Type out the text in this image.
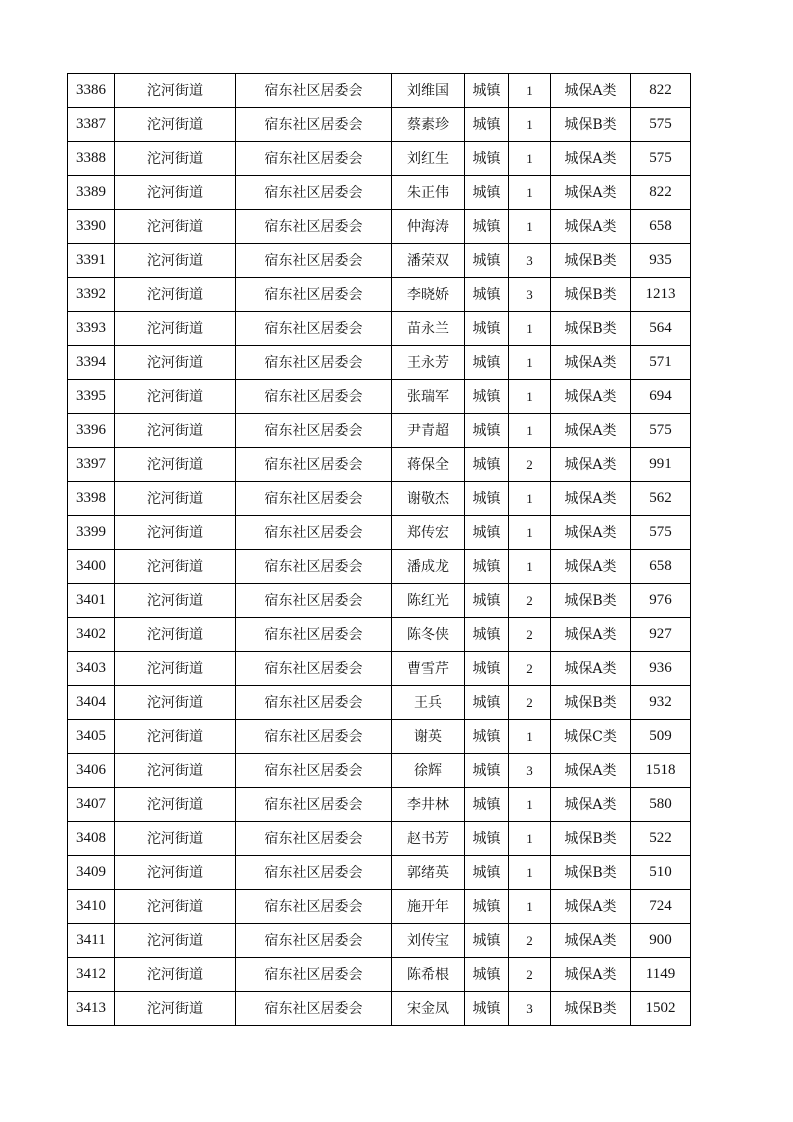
3386	沱河街道	宿东社区居委会	刘维国	城镇	1	城保A类	822
3387	沱河街道	宿东社区居委会	蔡素珍	城镇	1	城保B类	575
3388	沱河街道	宿东社区居委会	刘红生	城镇	1	城保A类	575
3389	沱河街道	宿东社区居委会	朱正伟	城镇	1	城保A类	822
3390	沱河街道	宿东社区居委会	仲海涛	城镇	1	城保A类	658
3391	沱河街道	宿东社区居委会	潘荣双	城镇	3	城保B类	935
3392	沱河街道	宿东社区居委会	李晓娇	城镇	3	城保B类	1213
3393	沱河街道	宿东社区居委会	苗永兰	城镇	1	城保B类	564
3394	沱河街道	宿东社区居委会	王永芳	城镇	1	城保A类	571
3395	沱河街道	宿东社区居委会	张瑞军	城镇	1	城保A类	694
3396	沱河街道	宿东社区居委会	尹青超	城镇	1	城保A类	575
3397	沱河街道	宿东社区居委会	蒋保全	城镇	2	城保A类	991
3398	沱河街道	宿东社区居委会	谢敬杰	城镇	1	城保A类	562
3399	沱河街道	宿东社区居委会	郑传宏	城镇	1	城保A类	575
3400	沱河街道	宿东社区居委会	潘成龙	城镇	1	城保A类	658
3401	沱河街道	宿东社区居委会	陈红光	城镇	2	城保B类	976
3402	沱河街道	宿东社区居委会	陈冬侠	城镇	2	城保A类	927
3403	沱河街道	宿东社区居委会	曹雪芹	城镇	2	城保A类	936
3404	沱河街道	宿东社区居委会	王兵	城镇	2	城保B类	932
3405	沱河街道	宿东社区居委会	谢英	城镇	1	城保C类	509
3406	沱河街道	宿东社区居委会	徐辉	城镇	3	城保A类	1518
3407	沱河街道	宿东社区居委会	李井林	城镇	1	城保A类	580
3408	沱河街道	宿东社区居委会	赵书芳	城镇	1	城保B类	522
3409	沱河街道	宿东社区居委会	郭绪英	城镇	1	城保B类	510
3410	沱河街道	宿东社区居委会	施开年	城镇	1	城保A类	724
3411	沱河街道	宿东社区居委会	刘传宝	城镇	2	城保A类	900
3412	沱河街道	宿东社区居委会	陈希根	城镇	2	城保A类	1149
3413	沱河街道	宿东社区居委会	宋金凤	城镇	3	城保B类	1502
